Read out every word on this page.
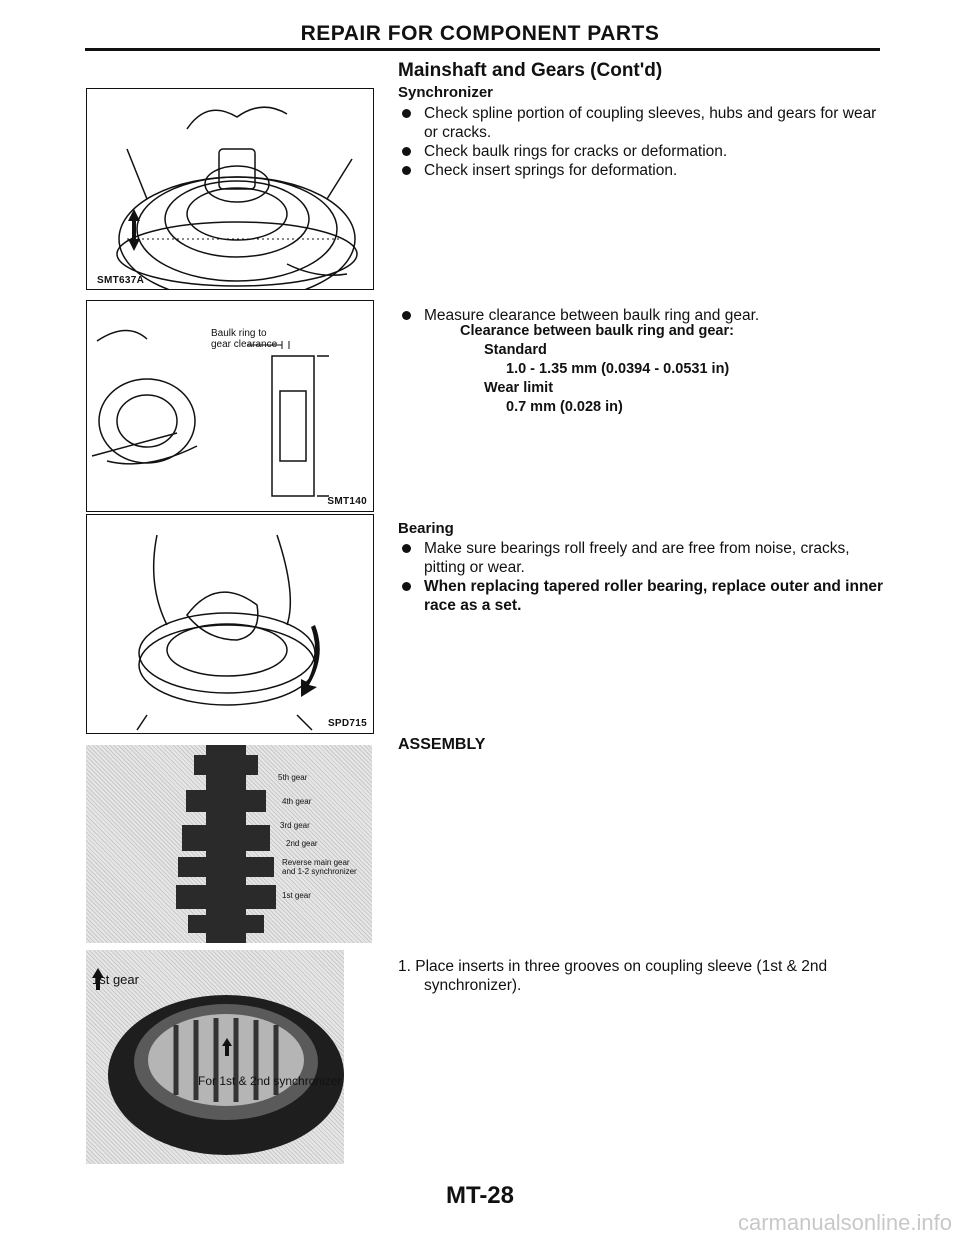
REPAIR FOR COMPONENT PARTS
SMT637A
Baulk ring to
gear clearance
SMT140
SPD715
5th gear
4th gear
3rd gear
2nd gear
Reverse main gear
and 1-2 synchronizer
1st gear
1st gear
For 1st & 2nd synchronizer
Mainshaft and Gears (Cont'd)
Synchronizer
Check spline portion of coupling sleeves, hubs and gears for wear or cracks.
Check baulk rings for cracks or deformation.
Check insert springs for deformation.
Measure clearance between baulk ring and gear.
Clearance between baulk ring and gear:
Standard
1.0 - 1.35 mm (0.0394 - 0.0531 in)
Wear limit
0.7 mm (0.028 in)
Bearing
Make sure bearings roll freely and are free from noise, cracks, pitting or wear.
When replacing tapered roller bearing, replace outer and inner race as a set.
ASSEMBLY
1. Place inserts in three grooves on coupling sleeve (1st & 2nd synchronizer).
MT-28
carmanualsonline.info
